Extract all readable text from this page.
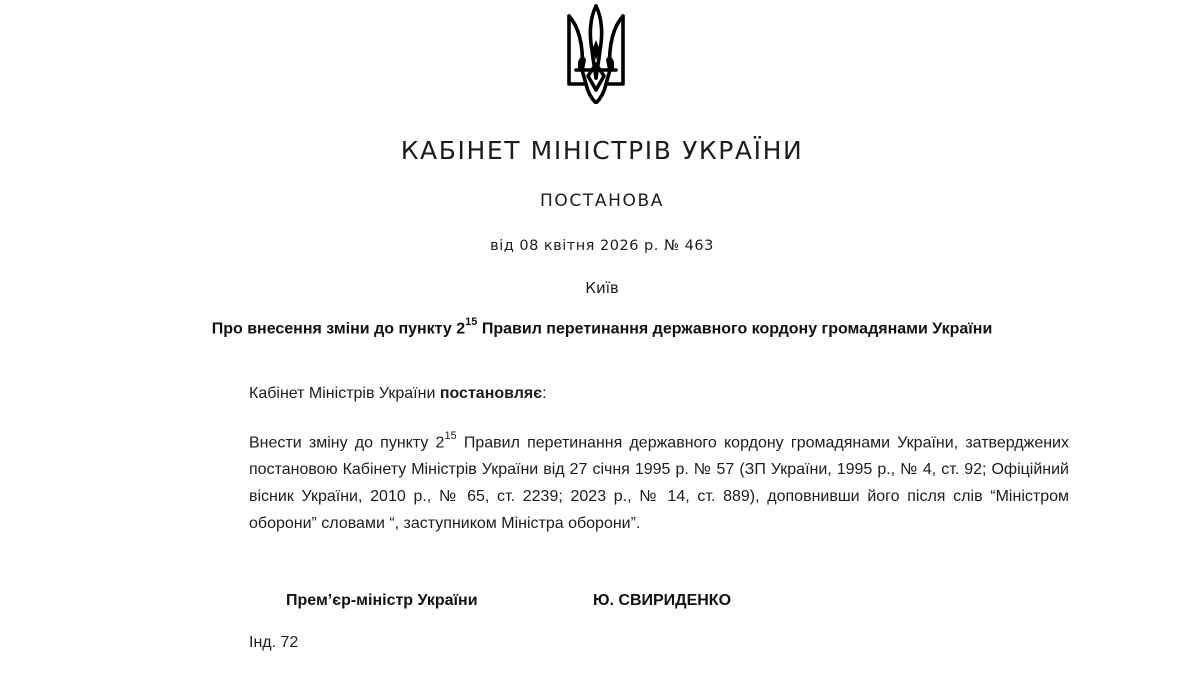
КАБІНЕТ МІНІСТРІВ УКРАЇНИ
ПОСТАНОВА
від 08 квітня 2026 р. № 463
Київ
Про внесення зміни до пункту $2^{15}$ Правил перетинання державного кордону громадянами України
Кабінет Міністрів України постановляє:
Внести зміну до пункту $2^{15}$ Правил перетинання державного кордону громадянами України, затверджених постановою Кабінету Міністрів України від 27 січня 1995 р. № 57 (ЗП України, 1995 р., № 4, ст. 92; Офіційний вісник України, 2010 р., № 65, ст. 2239; 2023 р., № 14, ст. 889), доповнивши його після слів “Міністром оборони” словами “, заступником Міністра оборони”.
Прем’єр-міністр України	Ю. СВИРИДЕНКО
Інд. 72
